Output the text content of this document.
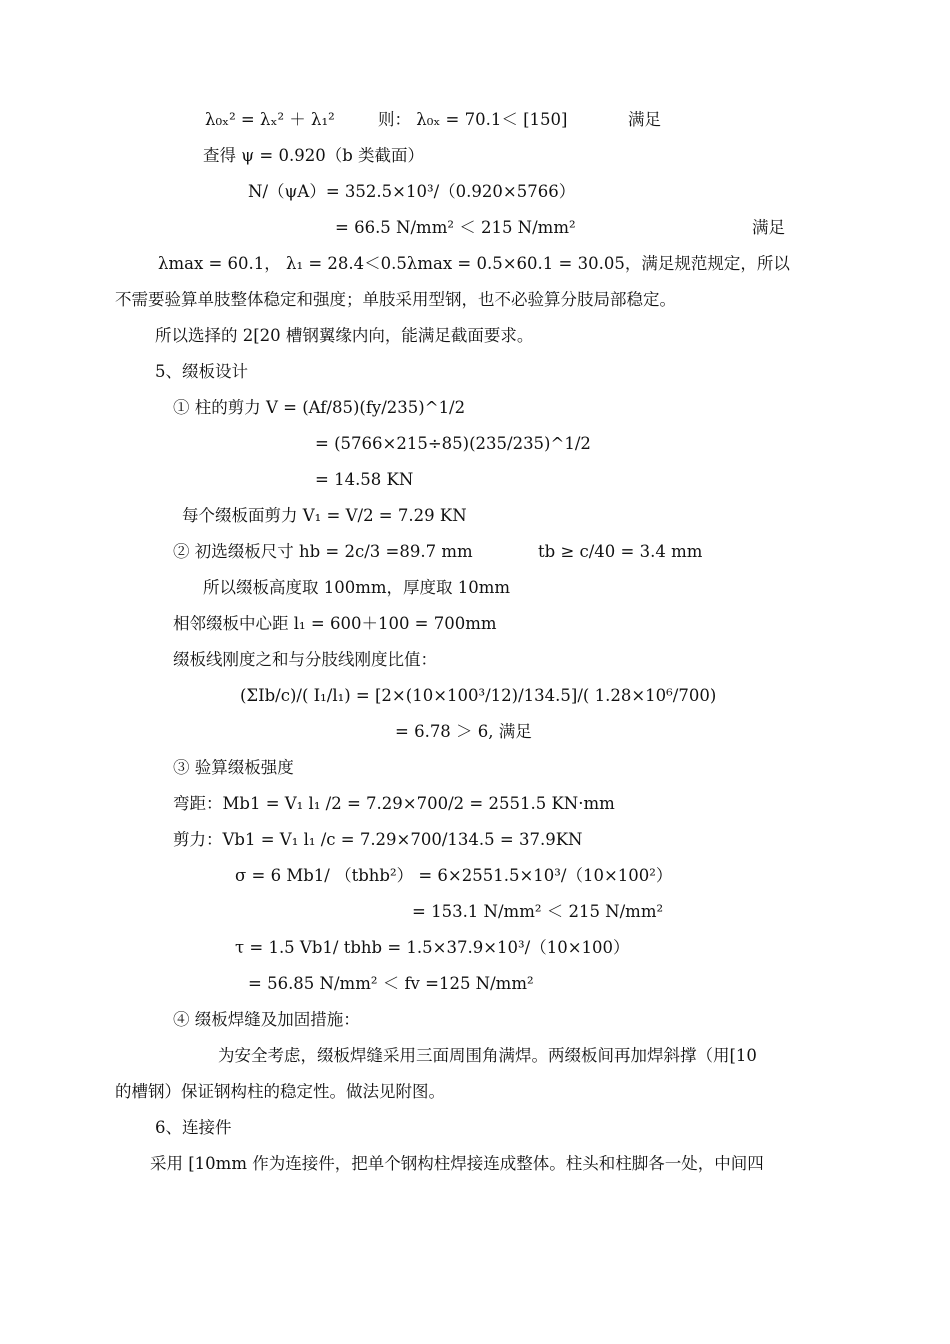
λ₀ₓ² = λₓ² ＋ λ₁²	则： λ₀ₓ = 70.1＜ [150]	满足
查得 ψ = 0.920（b 类截面）
N/（ψA）= 352.5×10³/（0.920×5766）
= 66.5 N/mm² ＜ 215 N/mm²	满足
λmax = 60.1， λ₁ = 28.4＜0.5λmax = 0.5×60.1 = 30.05，满足规范规定，所以
不需要验算单肢整体稳定和强度；单肢采用型钢，也不必验算分肢局部稳定。
所以选择的 2[20 槽钢翼缘内向，能满足截面要求。
5、缀板设计
① 柱的剪力 V = (Af/85)(fy/235)^1/2
= (5766×215÷85)(235/235)^1/2
= 14.58 KN
每个缀板面剪力 V₁ = V/2 = 7.29 KN
② 初选缀板尺寸 hb = 2c/3 =89.7 mm	tb ≥ c/40 = 3.4 mm
所以缀板高度取 100mm，厚度取 10mm
相邻缀板中心距 l₁ = 600＋100 = 700mm
缀板线刚度之和与分肢线刚度比值：
(ΣIb/c)/( I₁/l₁) = [2×(10×100³/12)/134.5]/( 1.28×10⁶/700)
= 6.78 ＞ 6, 满足
③ 验算缀板强度
弯距：Mb1 = V₁ l₁ /2 = 7.29×700/2 = 2551.5 KN·mm
剪力：Vb1 = V₁ l₁ /c = 7.29×700/134.5 = 37.9KN
σ = 6 Mb1/ （tbhb²） = 6×2551.5×10³/（10×100²）
= 153.1 N/mm² ＜ 215 N/mm²
τ = 1.5 Vb1/ tbhb = 1.5×37.9×10³/（10×100）
= 56.85 N/mm² ＜ fv =125 N/mm²
④ 缀板焊缝及加固措施：
为安全考虑，缀板焊缝采用三面周围角满焊。两缀板间再加焊斜撑（用[10
的槽钢）保证钢构柱的稳定性。做法见附图。
6、连接件
采用 [10mm 作为连接件，把单个钢构柱焊接连成整体。柱头和柱脚各一处，中间四
